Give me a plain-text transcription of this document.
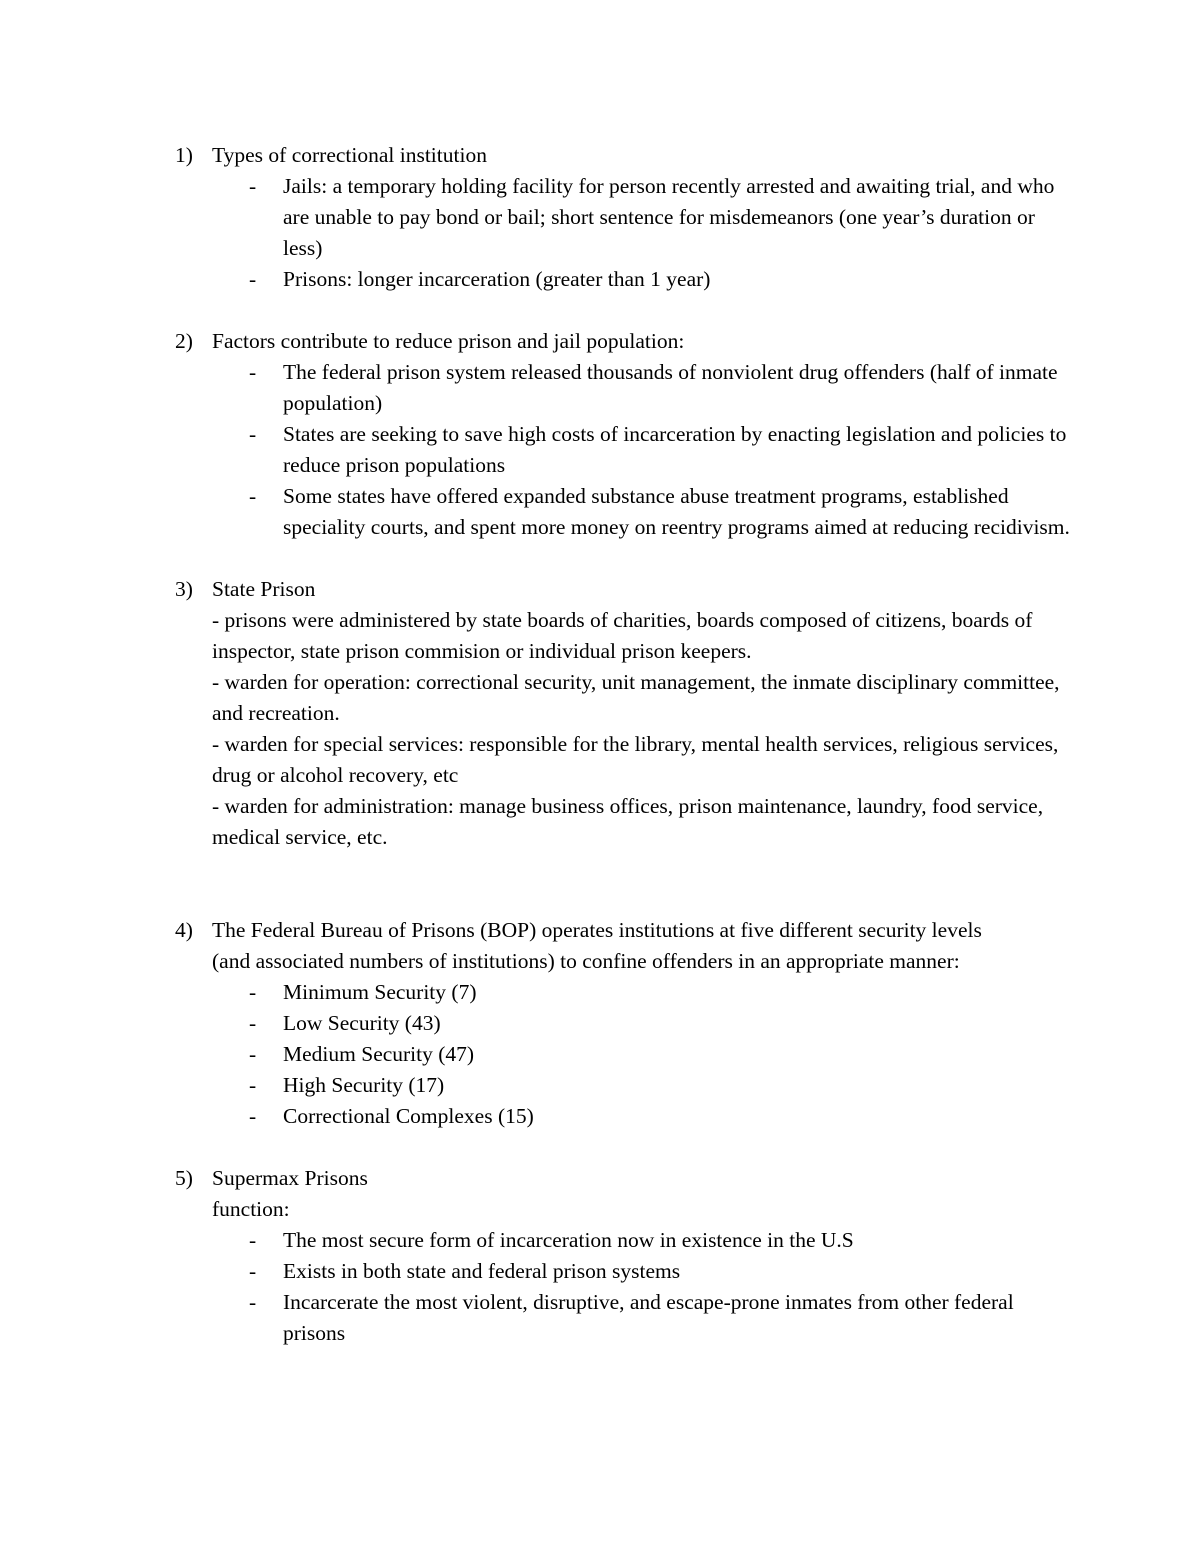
1) Types of correctional institution
- Jails: a temporary holding facility for person recently arrested and awaiting trial, and who are unable to pay bond or bail; short sentence for misdemeanors (one year’s duration or less)
- Prisons: longer incarceration (greater than 1 year)
2) Factors contribute to reduce prison and jail population:
- The federal prison system released thousands of nonviolent drug offenders (half of inmate population)
- States are seeking to save high costs of incarceration by enacting legislation and policies to reduce prison populations
- Some states have offered expanded substance abuse treatment programs, established speciality courts, and spent more money on reentry programs aimed at reducing recidivism.
3) State Prison
- prisons were administered by state boards of charities, boards composed of citizens, boards of inspector, state prison commision or individual prison keepers.
- warden for operation: correctional security, unit management, the inmate disciplinary committee, and recreation.
- warden for special services: responsible for the library, mental health services, religious services, drug or alcohol recovery, etc
- warden for administration: manage business offices, prison maintenance, laundry, food service, medical service, etc.
4) The Federal Bureau of Prisons (BOP) operates institutions at five different security levels (and associated numbers of institutions) to confine offenders in an appropriate manner:
- Minimum Security (7)
- Low Security (43)
- Medium Security (47)
- High Security (17)
- Correctional Complexes (15)
5) Supermax Prisons
function:
- The most secure form of incarceration now in existence in the U.S
- Exists in both state and federal prison systems
- Incarcerate the most violent, disruptive, and escape-prone inmates from other federal prisons
